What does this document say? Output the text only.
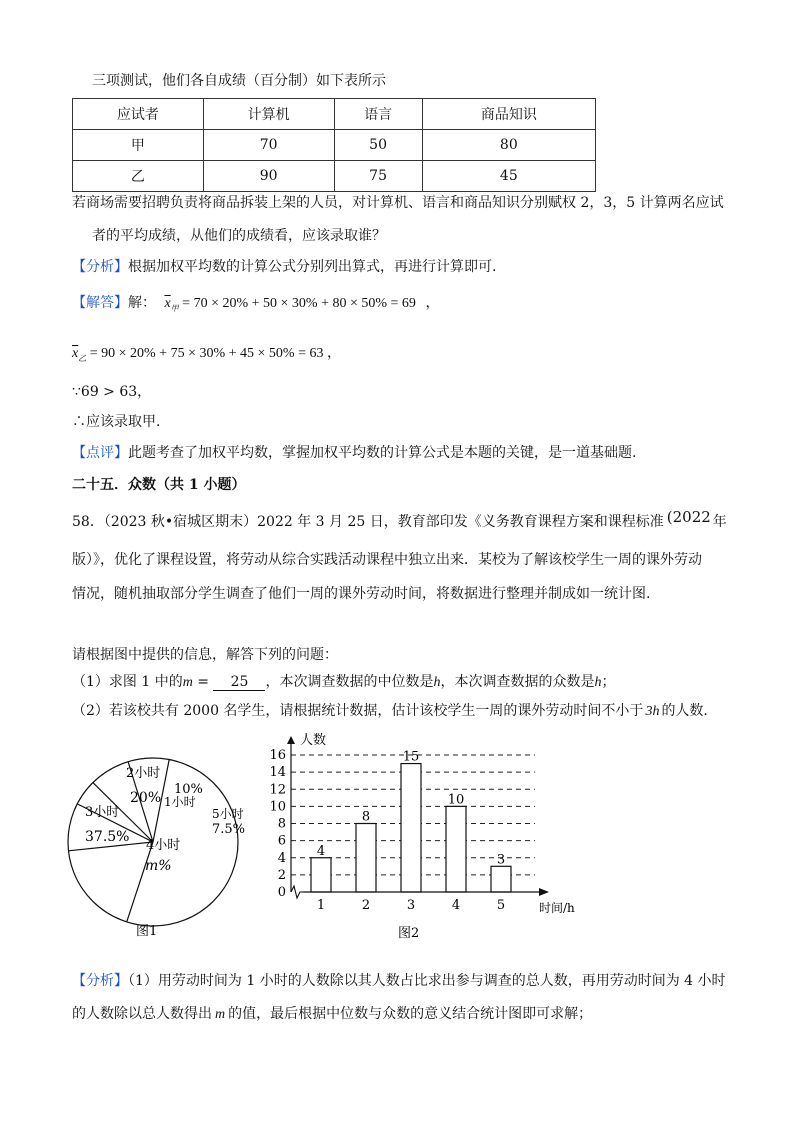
三项测试，他们各自成绩（百分制）如下表所示
应试者	计算机	语言	商品知识
甲	70	50	80
乙	90	75	45
若商场需要招聘负责将商品拆装上架的人员，对计算机、语言和商品知识分别赋权 2，3，5 计算两名应试
者的平均成绩，从他们的成绩看，应该录取谁？
【分析】根据加权平均数的计算公式分别列出算式，再进行计算即可.
【解答】解： $\overline{x}_甲 = 70 \times 20\% + 50 \times 30\% + 80 \times 50\% = 69$ ，
$\overline{x}_乙 = 90 \times 20\% + 75 \times 30\% + 45 \times 50\% = 63$ ，
∵69 > 63，
∴应该录取甲.
【点评】此题考查了加权平均数，掌握加权平均数的计算公式是本题的关键，是一道基础题.
二十五．众数（共 1 小题）
58．（2023 秋•宿城区期末）2022 年 3 月 25 日，教育部印发《义务教育课程方案和课程标准 (2022 年
版）》，优化了课程设置，将劳动从综合实践活动课程中独立出来．某校为了解该校学生一周的课外劳动
情况，随机抽取部分学生调查了他们一周的课外劳动时间，将数据进行整理并制成如一统计图.
请根据图中提供的信息，解答下列的问题：
（1）求图 1 中的m = 25 ，本次调查数据的中位数是h，本次调查数据的众数是h；
（2）若该校共有 2000 名学生，请根据统计数据，估计该校学生一周的课外劳动时间不小于 3h 的人数.
2小时
20%
10%
1小时
5小时
7.5%
4小时
m%
3小时
37.5%
图1
4
8
15
10
3
0
2
4
6
8
10
12
14
16
1	2	3	4	5
人数
时间/h
图2
【分析】（1）用劳动时间为 1 小时的人数除以其人数占比求出参与调查的总人数，再用劳动时间为 4 小时
的人数除以总人数得出 m 的值，最后根据中位数与众数的意义结合统计图即可求解；
